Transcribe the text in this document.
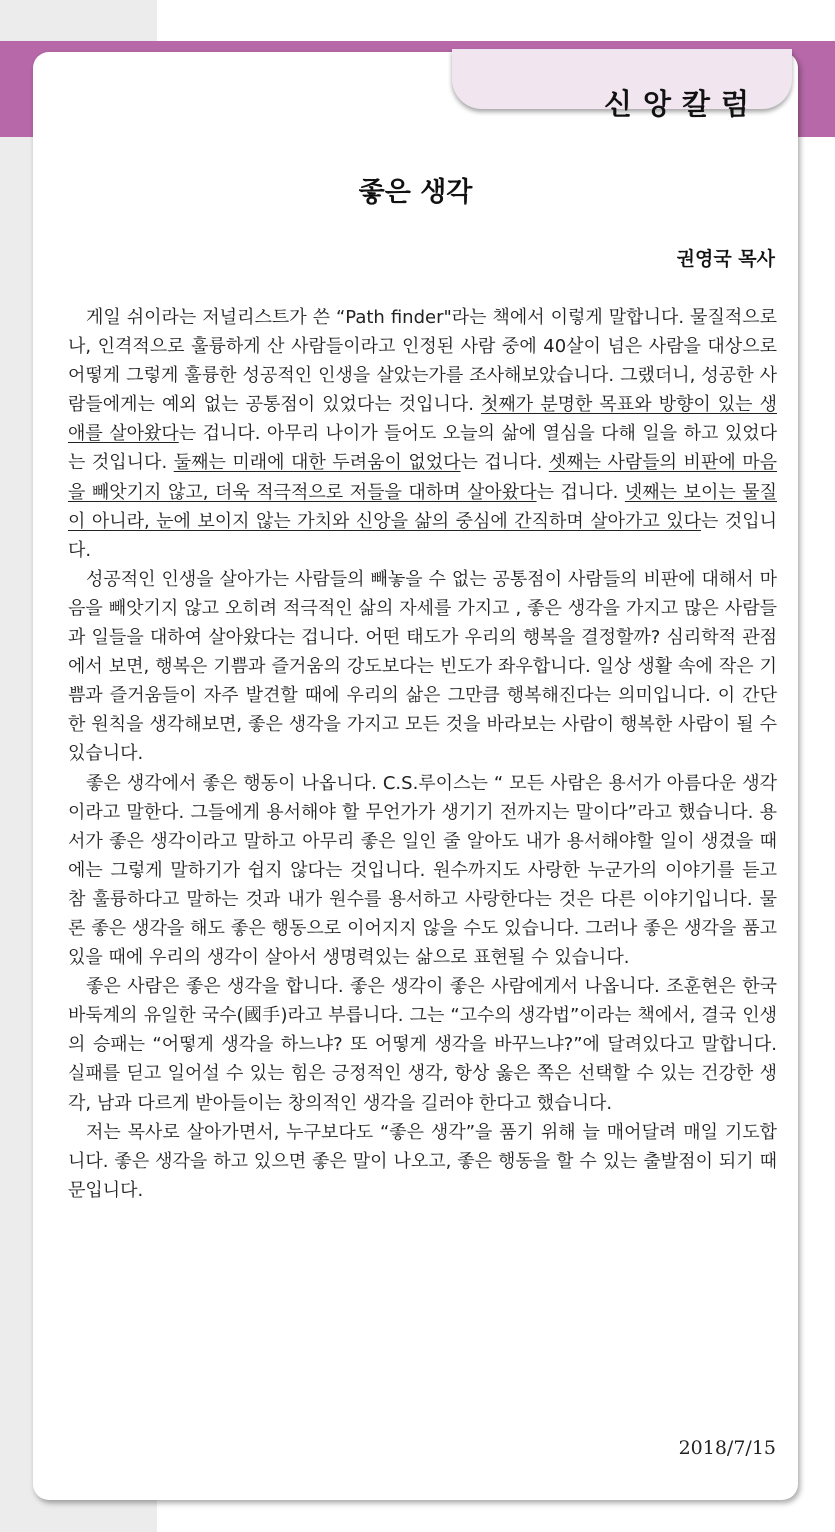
신앙칼럼
좋은 생각
권영국 목사

게일 쉬이라는 저널리스트가 쓴 “Path finder"라는 책에서 이렇게 말합니다. 물질적으로나, 인격적으로 훌륭하게 산 사람들이라고 인정된 사람 중에 40살이 넘은 사람을 대상으로 어떻게 그렇게 훌륭한 성공적인 인생을 살았는가를 조사해보았습니다. 그랬더니, 성공한 사람들에게는 예외 없는 공통점이 있었다는 것입니다. 첫째가 분명한 목표와 방향이 있는 생애를 살아왔다는 겁니다. 아무리 나이가 들어도 오늘의 삶에 열심을 다해 일을 하고 있었다는 것입니다. 둘째는 미래에 대한 두려움이 없었다는 겁니다. 셋째는 사람들의 비판에 마음을 빼앗기지 않고, 더욱 적극적으로 저들을 대하며 살아왔다는 겁니다. 넷째는 보이는 물질이 아니라, 눈에 보이지 않는 가치와 신앙을 삶의 중심에 간직하며 살아가고 있다는 것입니다.

성공적인 인생을 살아가는 사람들의 빼놓을 수 없는 공통점이 사람들의 비판에 대해서 마음을 빼앗기지 않고 오히려 적극적인 삶의 자세를 가지고 , 좋은 생각을 가지고 많은 사람들과 일들을 대하여 살아왔다는 겁니다. 어떤 태도가 우리의 행복을 결정할까? 심리학적 관점에서 보면, 행복은 기쁨과 즐거움의 강도보다는 빈도가 좌우합니다. 일상 생활 속에 작은 기쁨과 즐거움들이 자주 발견할 때에 우리의 삶은 그만큼 행복해진다는 의미입니다. 이 간단한 원칙을 생각해보면, 좋은 생각을 가지고 모든 것을 바라보는 사람이 행복한 사람이 될 수 있습니다.

좋은 생각에서 좋은 행동이 나옵니다. C.S.루이스는 “ 모든 사람은 용서가 아름다운 생각이라고 말한다. 그들에게 용서해야 할 무언가가 생기기 전까지는 말이다”라고 했습니다. 용서가 좋은 생각이라고 말하고 아무리 좋은 일인 줄 알아도 내가 용서해야할 일이 생겼을 때에는 그렇게 말하기가 쉽지 않다는 것입니다. 원수까지도 사랑한 누군가의 이야기를 듣고 참 훌륭하다고 말하는 것과 내가 원수를 용서하고 사랑한다는 것은 다른 이야기입니다. 물론 좋은 생각을 해도 좋은 행동으로 이어지지 않을 수도 있습니다. 그러나 좋은 생각을 품고 있을 때에 우리의 생각이 살아서 생명력있는 삶으로 표현될 수 있습니다.

좋은 사람은 좋은 생각을 합니다. 좋은 생각이 좋은 사람에게서 나옵니다. 조훈현은 한국 바둑계의 유일한 국수(國手)라고 부릅니다. 그는 “고수의 생각법”이라는 책에서, 결국 인생의 승패는 “어떻게 생각을 하느냐? 또 어떻게 생각을 바꾸느냐?”에 달려있다고 말합니다. 실패를 딛고 일어설 수 있는 힘은 긍정적인 생각, 항상 옳은 쪽은 선택할 수 있는 건강한 생각, 남과 다르게 받아들이는 창의적인 생각을 길러야 한다고 했습니다.

저는 목사로 살아가면서, 누구보다도 “좋은 생각”을 품기 위해 늘 매어달려 매일 기도합니다. 좋은 생각을 하고 있으면 좋은 말이 나오고, 좋은 행동을 할 수 있는 출발점이 되기 때문입니다.

2018/7/15
